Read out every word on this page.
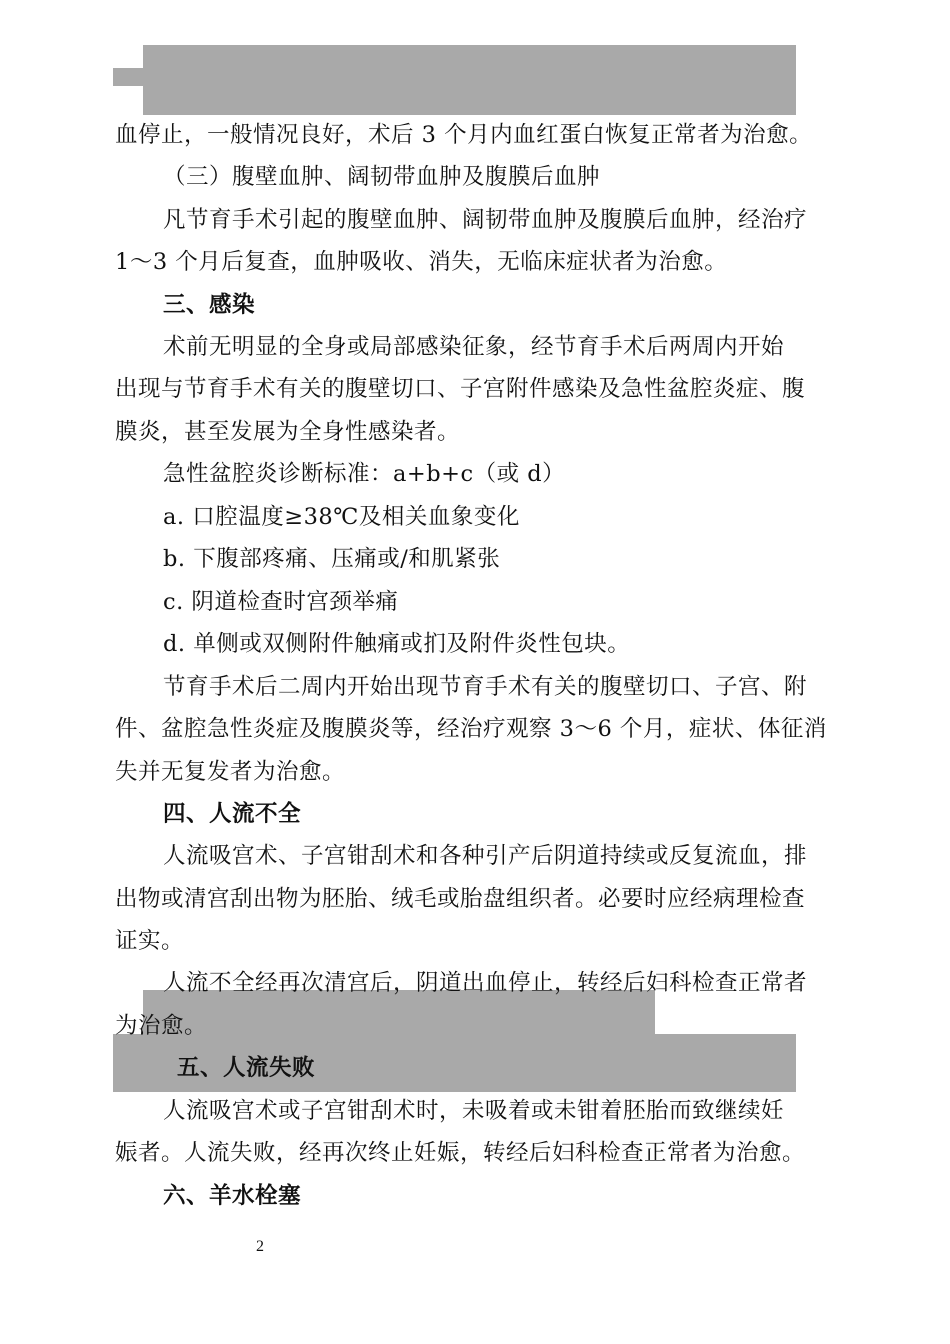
血停止，一般情况良好，术后 3 个月内血红蛋白恢复正常者为治愈。
（三）腹壁血肿、阔韧带血肿及腹膜后血肿
凡节育手术引起的腹壁血肿、阔韧带血肿及腹膜后血肿，经治疗
1～3 个月后复查，血肿吸收、消失，无临床症状者为治愈。
三、感染
术前无明显的全身或局部感染征象，经节育手术后两周内开始
出现与节育手术有关的腹壁切口、子宫附件感染及急性盆腔炎症、腹
膜炎，甚至发展为全身性感染者。
急性盆腔炎诊断标准：a+b+c（或 d）
a. 口腔温度≥38℃及相关血象变化
b. 下腹部疼痛、压痛或/和肌紧张
c. 阴道检查时宫颈举痛
d. 单侧或双侧附件触痛或扪及附件炎性包块。
节育手术后二周内开始出现节育手术有关的腹壁切口、子宫、附
件、盆腔急性炎症及腹膜炎等，经治疗观察 3～6 个月，症状、体征消
失并无复发者为治愈。
四、人流不全
人流吸宫术、子宫钳刮术和各种引产后阴道持续或反复流血，排
出物或清宫刮出物为胚胎、绒毛或胎盘组织者。必要时应经病理检查
证实。
人流不全经再次清宫后，阴道出血停止，转经后妇科检查正常者
为治愈。
五、人流失败
人流吸宫术或子宫钳刮术时，未吸着或未钳着胚胎而致继续妊
娠者。人流失败，经再次终止妊娠，转经后妇科检查正常者为治愈。
六、羊水栓塞
2
